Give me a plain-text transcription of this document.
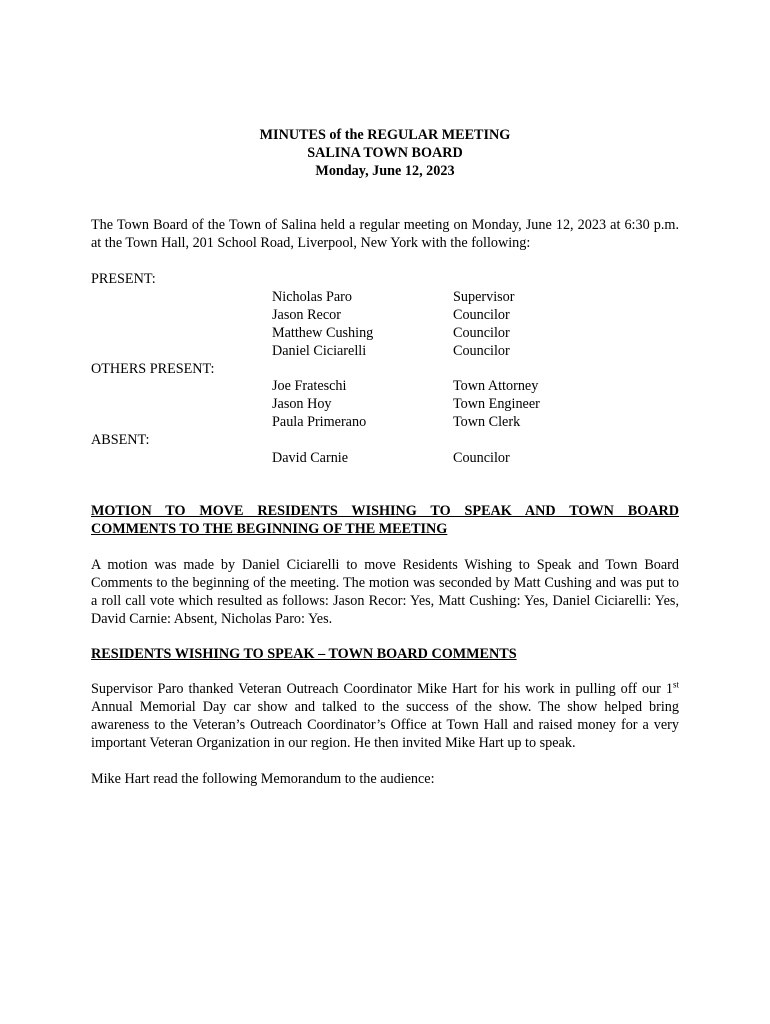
MINUTES of the REGULAR MEETING
SALINA TOWN BOARD
Monday, June 12, 2023
The Town Board of the Town of Salina held a regular meeting on Monday, June 12, 2023 at 6:30 p.m. at the Town Hall, 201 School Road, Liverpool, New York with the following:
PRESENT:
Nicholas Paro	Supervisor
Jason Recor	Councilor
Matthew Cushing	Councilor
Daniel Ciciarelli	Councilor
OTHERS PRESENT:
Joe Frateschi	Town Attorney
Jason Hoy	Town Engineer
Paula Primerano	Town Clerk
ABSENT:
David Carnie	Councilor
MOTION TO MOVE RESIDENTS WISHING TO SPEAK AND TOWN BOARD
COMMENTS TO THE BEGINNING OF THE MEETING
A motion was made by Daniel Ciciarelli to move Residents Wishing to Speak and Town Board Comments to the beginning of the meeting. The motion was seconded by Matt Cushing and was put to a roll call vote which resulted as follows: Jason Recor: Yes, Matt Cushing: Yes, Daniel Ciciarelli: Yes, David Carnie: Absent, Nicholas Paro: Yes.
RESIDENTS WISHING TO SPEAK – TOWN BOARD COMMENTS
Supervisor Paro thanked Veteran Outreach Coordinator Mike Hart for his work in pulling off our 1st Annual Memorial Day car show and talked to the success of the show. The show helped bring awareness to the Veteran’s Outreach Coordinator’s Office at Town Hall and raised money for a very important Veteran Organization in our region. He then invited Mike Hart up to speak.
Mike Hart read the following Memorandum to the audience:
